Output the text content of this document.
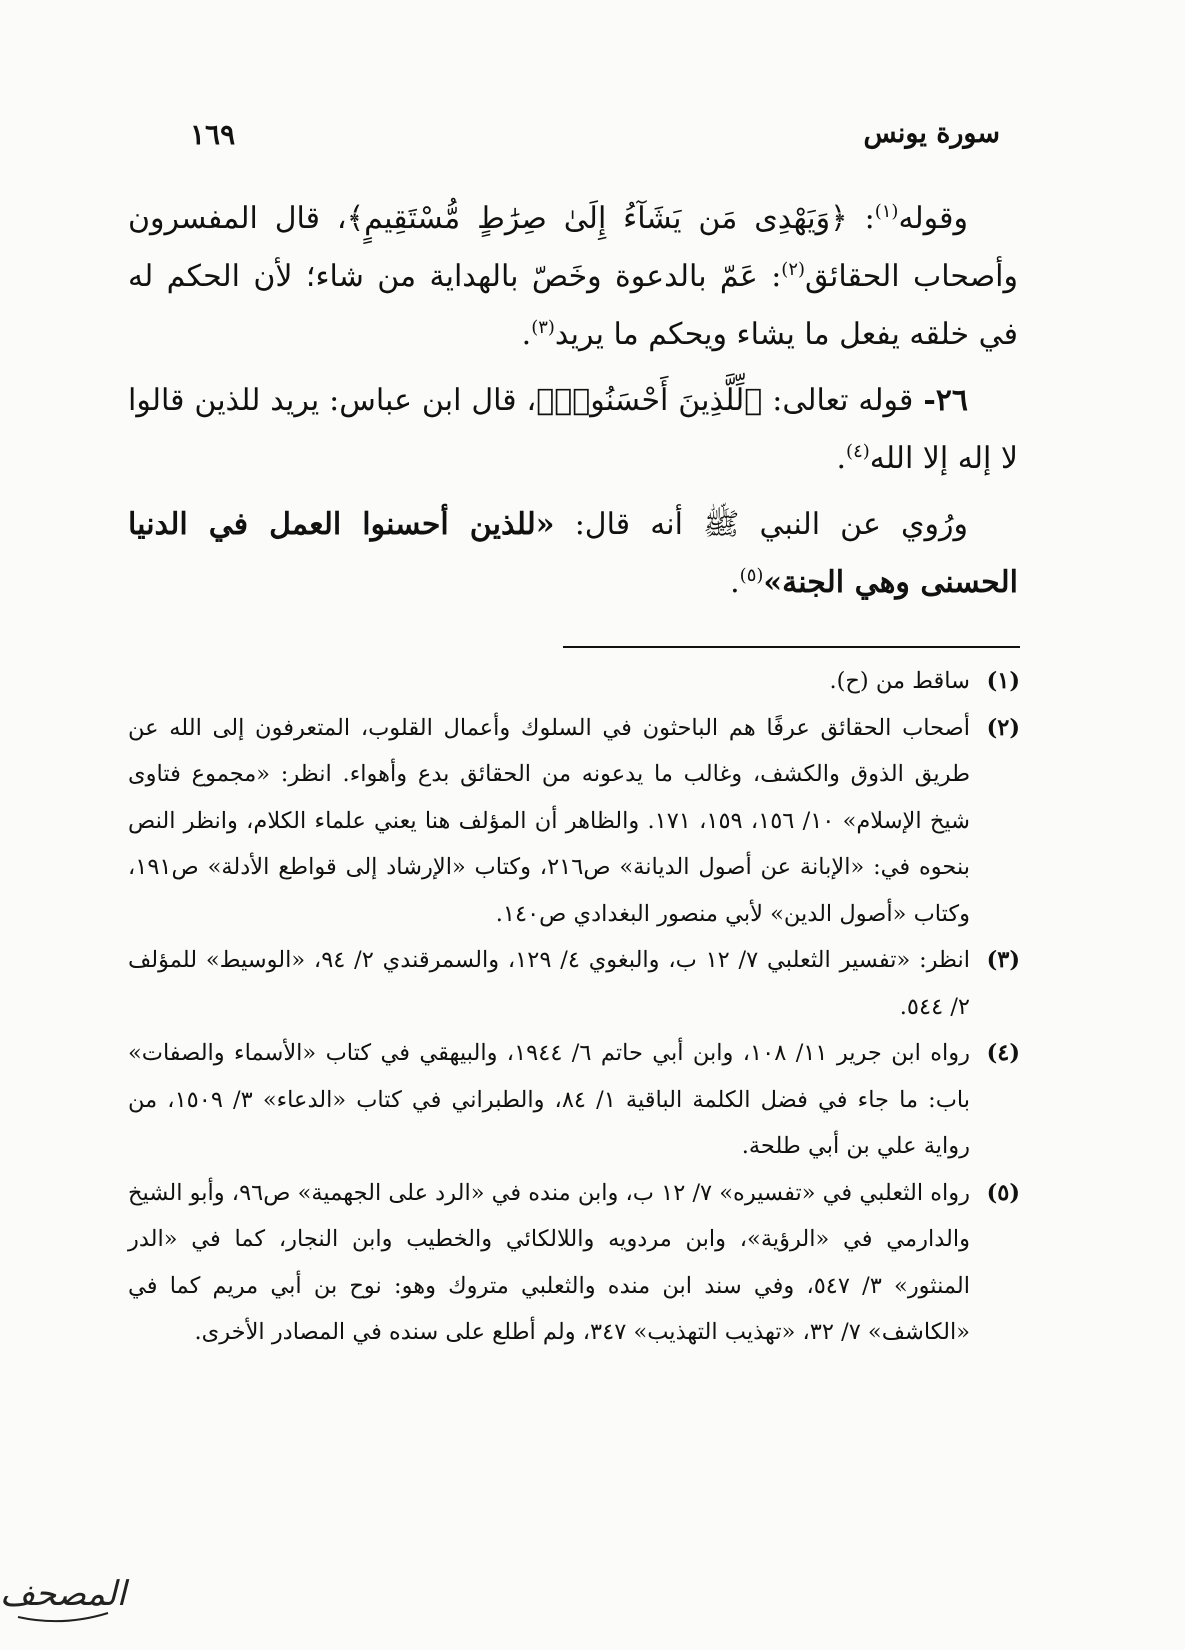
سورة يونس
١٦٩

وقوله$^{(١)}$: ﴿وَيَهْدِى مَن يَشَآءُ إِلَىٰ صِرَٰطٍ مُّسْتَقِيمٍ﴾، قال المفسرون وأصحاب الحقائق$^{(٢)}$: عَمّ بالدعوة وخَصّ بالهداية من شاء؛ لأن الحكم له في خلقه يفعل ما يشاء ويحكم ما يريد$^{(٣)}$.

٢٦- قوله تعالى: ﴿لِّلَّذِينَ أَحْسَنُوا۟﴾، قال ابن عباس: يريد للذين قالوا لا إله إلا الله$^{(٤)}$.

ورُوي عن النبي ﷺ أنه قال: «للذين أحسنوا العمل في الدنيا الحسنى وهي الجنة»$^{(٥)}$.

(١)
ساقط من (ح).

(٢)
أصحاب الحقائق عرفًا هم الباحثون في السلوك وأعمال القلوب، المتعرفون إلى الله عن طريق الذوق والكشف، وغالب ما يدعونه من الحقائق بدع وأهواء. انظر: «مجموع فتاوى شيخ الإسلام» ١٠/ ١٥٦، ١٥٩، ١٧١. والظاهر أن المؤلف هنا يعني علماء الكلام، وانظر النص بنحوه في: «الإبانة عن أصول الديانة» ص٢١٦، وكتاب «الإرشاد إلى قواطع الأدلة» ص١٩١، وكتاب «أصول الدين» لأبي منصور البغدادي ص١٤٠.

(٣)
انظر: «تفسير الثعلبي ٧/ ١٢ ب، والبغوي ٤/ ١٢٩، والسمرقندي ٢/ ٩٤، «الوسيط» للمؤلف ٢/ ٥٤٤.

(٤)
رواه ابن جرير ١١/ ١٠٨، وابن أبي حاتم ٦/ ١٩٤٤، والبيهقي في كتاب «الأسماء والصفات» باب: ما جاء في فضل الكلمة الباقية ١/ ٨٤، والطبراني في كتاب «الدعاء» ٣/ ١٥٠٩، من رواية علي بن أبي طلحة.

(٥)
رواه الثعلبي في «تفسيره» ٧/ ١٢ ب، وابن منده في «الرد على الجهمية» ص٩٦، وأبو الشيخ والدارمي في «الرؤية»، وابن مردويه واللالكائي والخطيب وابن النجار، كما في «الدر المنثور» ٣/ ٥٤٧، وفي سند ابن منده والثعلبي متروك وهو: نوح بن أبي مريم كما في «الكاشف» ٧/ ٣٢، «تهذيب التهذيب» ٣٤٧، ولم أطلع على سنده في المصادر الأخرى.

المصحف
